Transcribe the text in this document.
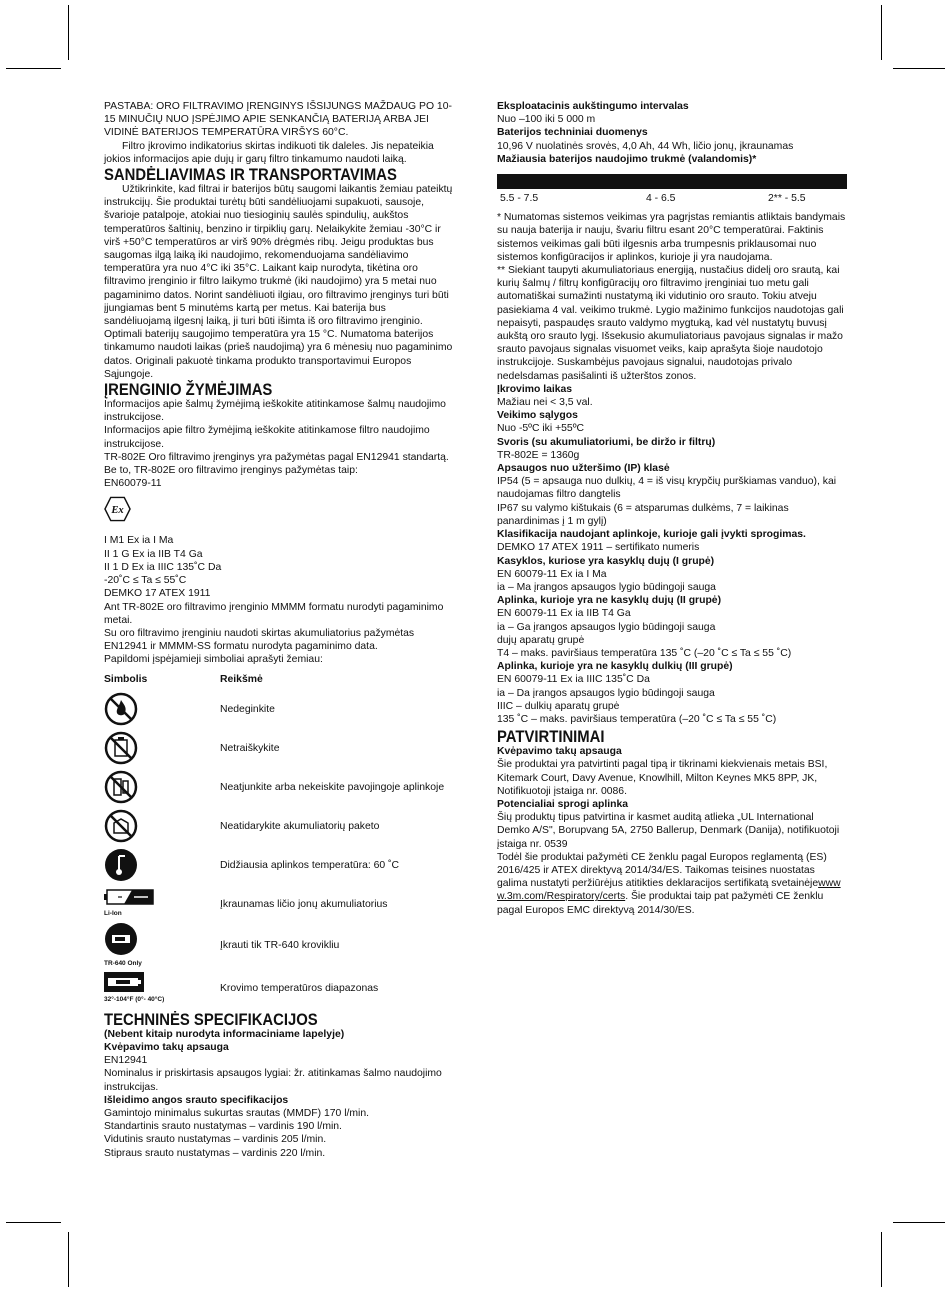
PASTABA: ORO FILTRAVIMO ĮRENGINYS IŠSIJUNGS MAŽDAUG PO 10-15 MINUČIŲ NUO ĮSPĖJIMO APIE SENKANČIĄ BATERIJĄ ARBA JEI VIDINĖ BATERIJOS TEMPERATŪRA VIRŠYS 60°C.

Filtro įkrovimo indikatorius skirtas indikuoti tik daleles. Jis nepateikia jokios informacijos apie dujų ir garų filtro tinkamumo naudoti laiką.

SANDĖLIAVIMAS IR TRANSPORTAVIMAS

Užtikrinkite, kad filtrai ir baterijos būtų saugomi laikantis žemiau pateiktų instrukcijų. Šie produktai turėtų būti sandėliuojami supakuoti, sausoje, švarioje patalpoje, atokiai nuo tiesioginių saulės spindulių, aukštos temperatūros šaltinių, benzino ir tirpiklių garų. Nelaikykite žemiau -30°C ir virš +50°C temperatūros ar virš 90% drėgmės ribų. Jeigu produktas bus saugomas ilgą laiką iki naudojimo, rekomenduojama sandėliavimo temperatūra yra nuo 4°C iki 35°C. Laikant kaip nurodyta, tikėtina oro filtravimo įrenginio ir filtro laikymo trukmė (iki naudojimo) yra 5 metai nuo pagaminimo datos. Norint sandėliuoti ilgiau, oro filtravimo įrenginys turi būti įjungiamas bent 5 minutėms kartą per metus. Kai baterija bus sandėliuojamą ilgesnį laiką, ji turi būti išimta iš oro filtravimo įrenginio. Optimali baterijų saugojimo temperatūra yra 15 °C. Numatoma baterijos tinkamumo naudoti laikas (prieš naudojimą) yra 6 mėnesių nuo pagaminimo datos. Originali pakuotė tinkama produkto transportavimui Europos Sąjungoje.

ĮRENGINIO ŽYMĖJIMAS

Informacijos apie šalmų žymėjimą ieškokite atitinkamose šalmų naudojimo instrukcijose.

Informacijos apie filtro žymėjimą ieškokite atitinkamose filtro naudojimo instrukcijose.

TR-802E Oro filtravimo įrenginys yra pažymėtas pagal EN12941 standartą. Be to, TR-802E oro filtravimo įrenginys pažymėtas taip:

EN60079-11

Ex

I M1 Ex ia I Ma

II 1 G Ex ia IIB T4 Ga

II 1 D Ex ia IIIC 135˚C Da

-20˚C ≤ Ta ≤ 55˚C

DEMKO 17 ATEX 1911

Ant TR-802E oro filtravimo įrenginio MMMM formatu nurodyti pagaminimo metai.

Su oro filtravimo įrenginiu naudoti skirtas akumuliatorius pažymėtas EN12941 ir MMMM-SS formatu nurodyta pagaminimo data.

Papildomi įspėjamieji simboliai aprašyti žemiau:

Simbolis	Reikšmė
Nedeginkite
Netraiškykite
Neatjunkite arba nekeiskite pavojingoje aplinkoje
Neatidarykite akumuliatorių paketo
Didžiausia aplinkos temperatūra: 60 ˚C
Li-Ion
Įkraunamas ličio jonų akumuliatorius
TR-640 Only
Įkrauti tik TR-640 krovikliu
32°-104°F (0°- 40°C)
Krovimo temperatūros diapazonas
TECHNINĖS SPECIFIKACIJOS

(Nebent kitaip nurodyta informaciniame lapelyje)

Kvėpavimo takų apsauga

EN12941

Nominalus ir priskirtasis apsaugos lygiai: žr. atitinkamas šalmo naudojimo instrukcijas.

Išleidimo angos srauto specifikacijos

Gamintojo minimalus sukurtas srautas (MMDF) 170 l/min.

Standartinis srauto nustatymas – vardinis 190 l/min.

Vidutinis srauto nustatymas – vardinis 205 l/min.

Stipraus srauto nustatymas – vardinis 220 l/min.

Eksploatacinis aukštingumo intervalas

Nuo –100 iki 5 000 m

Baterijos techniniai duomenys

10,96 V nuolatinės srovės, 4,0 Ah, 44 Wh, ličio jonų, įkraunamas

Mažiausia baterijos naudojimo trukmė (valandomis)*

5.5 - 7.5	4 - 6.5	2** - 5.5

* Numatomas sistemos veikimas yra pagrįstas remiantis atliktais bandymais su nauja baterija ir nauju, švariu filtru esant 20°C temperatūrai. Faktinis sistemos veikimas gali būti ilgesnis arba trumpesnis priklausomai nuo sistemos konfigūracijos ir aplinkos, kurioje ji yra naudojama.

** Siekiant taupyti akumuliatoriaus energiją, nustačius didelį oro srautą, kai kurių šalmų / filtrų konfigūracijų oro filtravimo įrenginiai tuo metu gali automatiškai sumažinti nustatymą iki vidutinio oro srauto. Tokiu atveju pasiekiama 4 val. veikimo trukmė. Lygio mažinimo funkcijos naudotojas gali nepaisyti, paspaudęs srauto valdymo mygtuką, kad vėl nustatytų buvusį aukštą oro srauto lygį. Išsekusio akumuliatoriaus pavojaus signalas ir mažo srauto pavojaus signalas visuomet veiks, kaip aprašyta šioje naudotojo instrukcijoje. Suskambėjus pavojaus signalui, naudotojas privalo nedelsdamas pasišalinti iš užterštos zonos.

Įkrovimo laikas

Mažiau nei < 3,5 val.

Veikimo sąlygos

Nuo -5ºC iki +55ºC

Svoris (su akumuliatoriumi, be diržo ir filtrų)

TR-802E = 1360g

Apsaugos nuo užteršimo (IP) klasė

IP54 (5 = apsauga nuo dulkių, 4 = iš visų krypčių purškiamas vanduo), kai naudojamas filtro dangtelis

IP67 su valymo kištukais (6 = atsparumas dulkėms, 7 = laikinas panardinimas į 1 m gylį)

Klasifikacija naudojant aplinkoje, kurioje gali įvykti sprogimas.

DEMKO 17 ATEX 1911 – sertifikato numeris

Kasyklos, kuriose yra kasyklų dujų (I grupė)

EN 60079-11 Ex ia I Ma

ia – Ma įrangos apsaugos lygio būdingoji sauga

Aplinka, kurioje yra ne kasyklų dujų (II grupė)

EN 60079-11 Ex ia IIB T4 Ga

ia – Ga įrangos apsaugos lygio būdingoji sauga

dujų aparatų grupė

T4 – maks. paviršiaus temperatūra 135 ˚C (–20 ˚C ≤ Ta ≤ 55 ˚C)

Aplinka, kurioje yra ne kasyklų dulkių (III grupė)

EN 60079-11 Ex ia IIIC 135˚C Da

ia – Da įrangos apsaugos lygio būdingoji sauga

IIIC – dulkių aparatų grupė

135 ˚C – maks. paviršiaus temperatūra (–20 ˚C ≤ Ta ≤ 55 ˚C)

PATVIRTINIMAI

Kvėpavimo takų apsauga

Šie produktai yra patvirtinti pagal tipą ir tikrinami kiekvienais metais BSI, Kitemark Court, Davy Avenue, Knowlhill, Milton Keynes MK5 8PP, JK, Notifikuotoji įstaiga nr. 0086.

Potencialiai sprogi aplinka

Šių produktų tipus patvirtina ir kasmet auditą atlieka „UL International Demko A/S", Borupvang 5A, 2750 Ballerup, Denmark (Danija), notifikuotoji įstaiga nr. 0539

Todėl šie produktai pažymėti CE ženklu pagal Europos reglamentą (ES) 2016/425 ir ATEX direktyvą 2014/34/ES. Taikomas teisines nuostatas galima nustatyti peržiūrėjus atitikties deklaracijos sertifikatą svetainėjewww w.3m.com/Respiratory/certs. Šie produktai taip pat pažymėti CE ženklu pagal Europos EMC direktyvą 2014/30/ES.
